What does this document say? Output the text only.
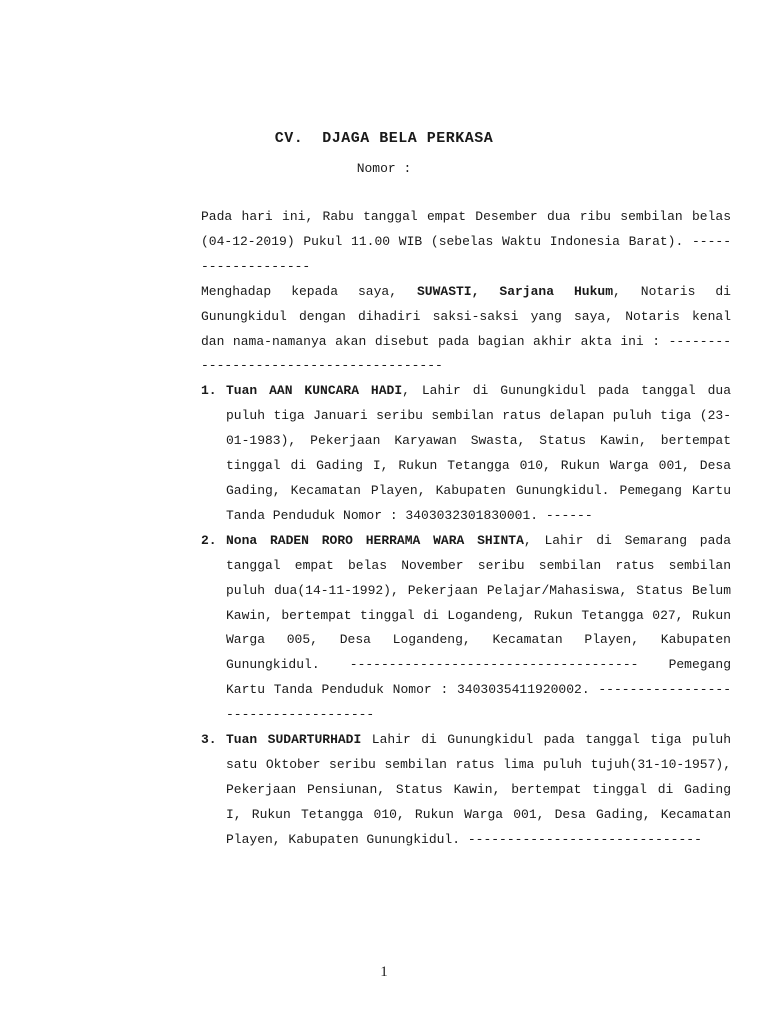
CV.  DJAGA BELA PERKASA
Nomor :
Pada hari ini, Rabu tanggal empat Desember dua ribu sembilan belas (04-12-2019) Pukul 11.00 WIB (sebelas Waktu Indonesia Barat). -------------------
Menghadap kepada saya, SUWASTI, Sarjana Hukum, Notaris di Gunungkidul dengan dihadiri saksi-saksi yang saya, Notaris kenal dan nama-namanya akan disebut pada bagian akhir akta ini : ---------------------------------------
1. Tuan AAN KUNCARA HADI, Lahir di Gunungkidul pada tanggal dua puluh tiga Januari seribu sembilan ratus delapan puluh tiga (23-01-1983), Pekerjaan Karyawan Swasta, Status Kawin, bertempat tinggal di Gading I, Rukun Tetangga 010, Rukun Warga 001, Desa Gading, Kecamatan Playen, Kabupaten Gunungkidul. Pemegang Kartu Tanda Penduduk Nomor : 3403032301830001. ------
2. Nona RADEN RORO HERRAMA WARA SHINTA, Lahir di Semarang pada tanggal empat belas November seribu sembilan ratus sembilan puluh dua(14-11-1992), Pekerjaan Pelajar/Mahasiswa, Status Belum Kawin, bertempat tinggal di Logandeng, Rukun Tetangga 027, Rukun Warga 005, Desa Logandeng, Kecamatan Playen, Kabupaten Gunungkidul. ------------------------------------- Pemegang Kartu Tanda Penduduk Nomor : 3403035411920002. ------------------------------------
3. Tuan SUDARTURHADI Lahir di Gunungkidul pada tanggal tiga puluh satu Oktober seribu sembilan ratus lima puluh tujuh(31-10-1957), Pekerjaan Pensiunan, Status Kawin, bertempat tinggal di Gading I, Rukun Tetangga 010, Rukun Warga 001, Desa Gading, Kecamatan Playen, Kabupaten Gunungkidul. ------------------------------
1
